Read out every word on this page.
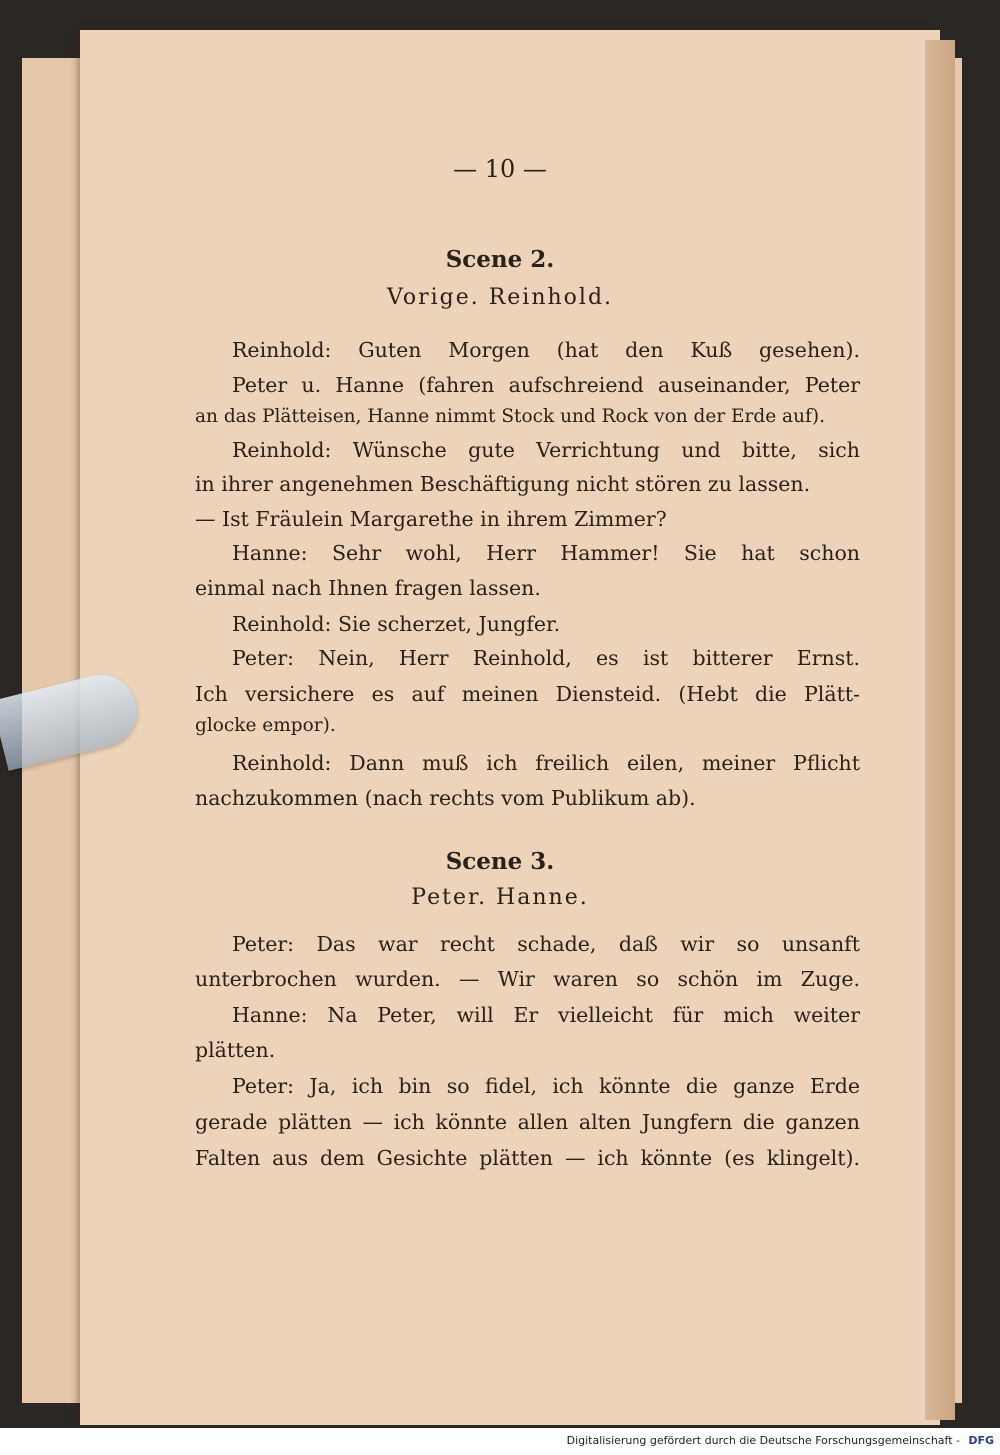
— 10 —
Scene 2.
Vorige. Reinhold.
Reinhold: Guten Morgen (hat den Kuß gesehen).
Peter u. Hanne (fahren aufschreiend auseinander, Peter
an das Plätteisen, Hanne nimmt Stock und Rock von der Erde auf).
Reinhold: Wünsche gute Verrichtung und bitte, sich
in ihrer angenehmen Beschäftigung nicht stören zu lassen.
— Ist Fräulein Margarethe in ihrem Zimmer?
Hanne: Sehr wohl, Herr Hammer! Sie hat schon
einmal nach Ihnen fragen lassen.
Reinhold: Sie scherzet, Jungfer.
Peter: Nein, Herr Reinhold, es ist bitterer Ernst.
Ich versichere es auf meinen Diensteid. (Hebt die Plätt-
glocke empor).
Reinhold: Dann muß ich freilich eilen, meiner Pflicht
nachzukommen (nach rechts vom Publikum ab).
Scene 3.
Peter. Hanne.
Peter: Das war recht schade, daß wir so unsanft
unterbrochen wurden. — Wir waren so schön im Zuge.
Hanne: Na Peter, will Er vielleicht für mich weiter
plätten.
Peter: Ja, ich bin so fidel, ich könnte die ganze Erde
gerade plätten — ich könnte allen alten Jungfern die ganzen
Falten aus dem Gesichte plätten — ich könnte (es klingelt).
Digitalisierung gefördert durch die Deutsche Forschungsgemeinschaft - DFG
